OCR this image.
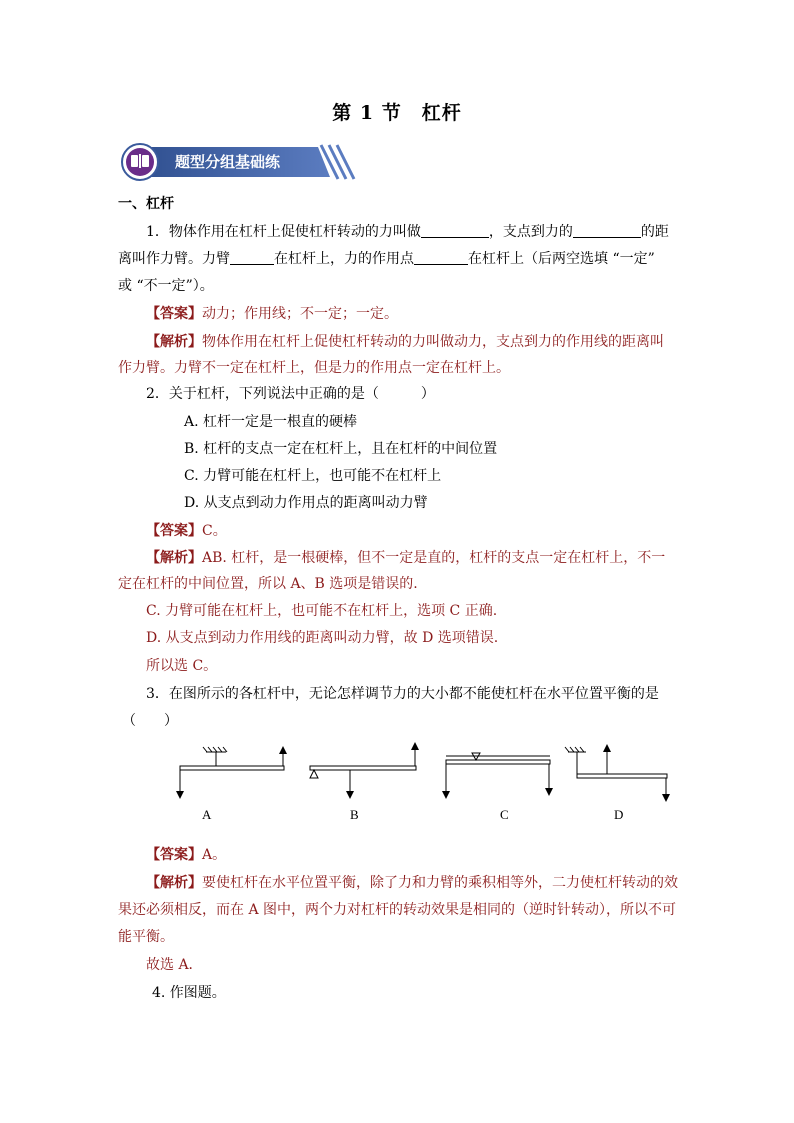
第 1 节　杠杆
题型分组基础练
一、杠杆
1．物体作用在杠杆上促使杠杆转动的力叫做	，支点到力的	的距
离叫作力臂。力臂	在杠杆上，力的作用点	在杠杆上（后两空选填 “一定”
或 “不一定”）。
【答案】动力；作用线；不一定；一定。
【解析】物体作用在杠杆上促使杠杆转动的力叫做动力，支点到力的作用线的距离叫
作力臂。力臂不一定在杠杆上，但是力的作用点一定在杠杆上。
2．关于杠杆，下列说法中正确的是（　　　）
A. 杠杆一定是一根直的硬棒
B. 杠杆的支点一定在杠杆上，且在杠杆的中间位置
C. 力臂可能在杠杆上，也可能不在杠杆上
D. 从支点到动力作用点的距离叫动力臂
【答案】C。
【解析】AB. 杠杆，是一根硬棒，但不一定是直的，杠杆的支点一定在杠杆上，不一
定在杠杆的中间位置，所以 A、B 选项是错误的.
C. 力臂可能在杠杆上，也可能不在杠杆上，选项 C 正确.
D. 从支点到动力作用线的距离叫动力臂，故 D 选项错误.
所以选 C。
3．在图所示的各杠杆中，无论怎样调节力的大小都不能使杠杆在水平位置平衡的是
（　　）
A	B	C	D
【答案】A。
【解析】要使杠杆在水平位置平衡，除了力和力臂的乘积相等外，二力使杠杆转动的效
果还必须相反，而在 A 图中，两个力对杠杆的转动效果是相同的（逆时针转动），所以不可
能平衡。
故选 A．
4. 作图题。
